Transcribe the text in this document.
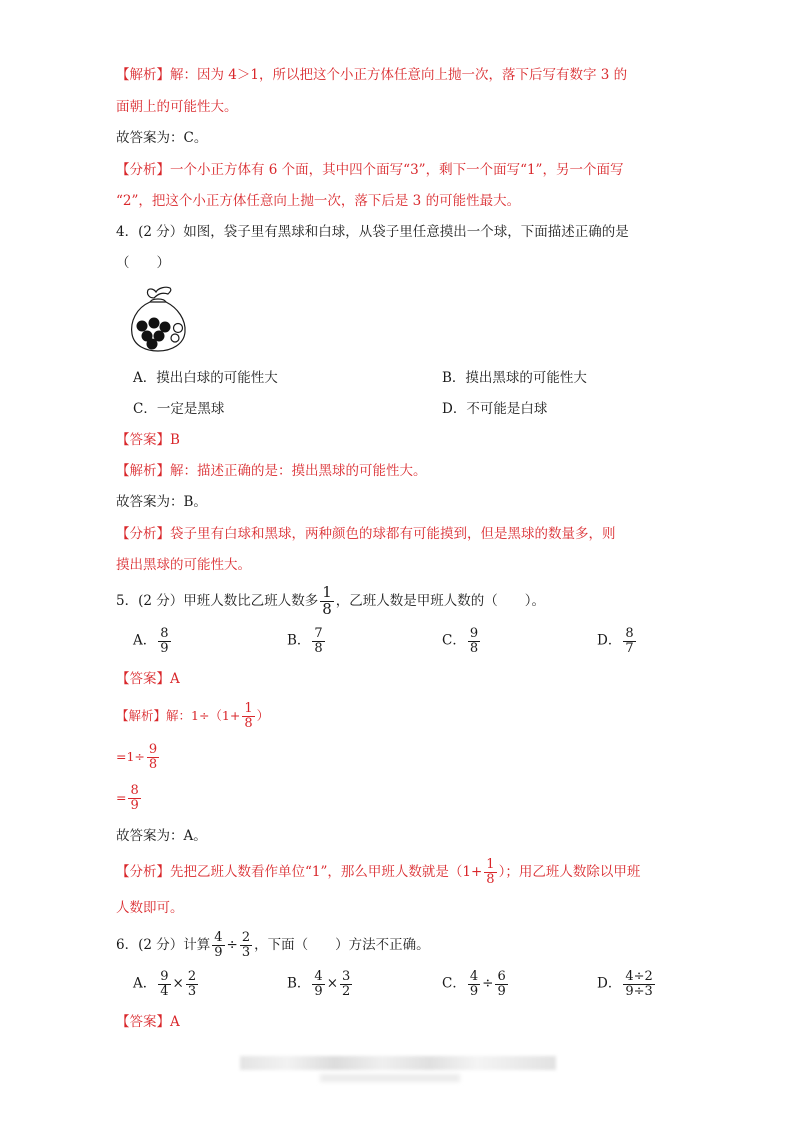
【解析】解：因为 4＞1，所以把这个小正方体任意向上抛一次，落下后写有数字 3 的
面朝上的可能性大。
故答案为：C。
【分析】一个小正方体有 6 个面，其中四个面写“3”，剩下一个面写“1”，另一个面写
“2”，把这个小正方体任意向上抛一次，落下后是 3 的可能性最大。
4．(2 分）如图，袋子里有黑球和白球，从袋子里任意摸出一个球，下面描述正确的是
（　　）
A．摸出白球的可能性大	B．摸出黑球的可能性大
C．一定是黑球	D．不可能是白球
【答案】B
【解析】解：描述正确的是：摸出黑球的可能性大。
故答案为：B。
【分析】袋子里有白球和黑球，两种颜色的球都有可能摸到，但是黑球的数量多，则
摸出黑球的可能性大。
5．(2 分）甲班人数比乙班人数多 $\frac{1}{8}$ ，乙班人数是甲班人数的（　　）。
A． $\frac{8}{9}$	B． $\frac{7}{8}$	C． $\frac{9}{8}$	D． $\frac{8}{7}$
【答案】A
【解析】解：$1\div(1+ \frac{1}{8}$ ）
$=1\div \frac{9}{8}$
= $\frac{8}{9}$
故答案为：A。
【分析】先把乙班人数看作单位“1”，那么甲班人数就是（$1+ \frac{1}{8}$ ）；用乙班人数除以甲班
人数即可。
6．(2 分）计算 $\frac{4}{9} \div \frac{2}{3}$ ，下面（　　）方法不正确。
A． $\frac{9}{4} \times \frac{2}{3}$	B． $\frac{4}{9} \times \frac{3}{2}$	C． $\frac{4}{9} \div \frac{6}{9}$	D． $\frac{4\div 2}{9\div 3}$
【答案】A
